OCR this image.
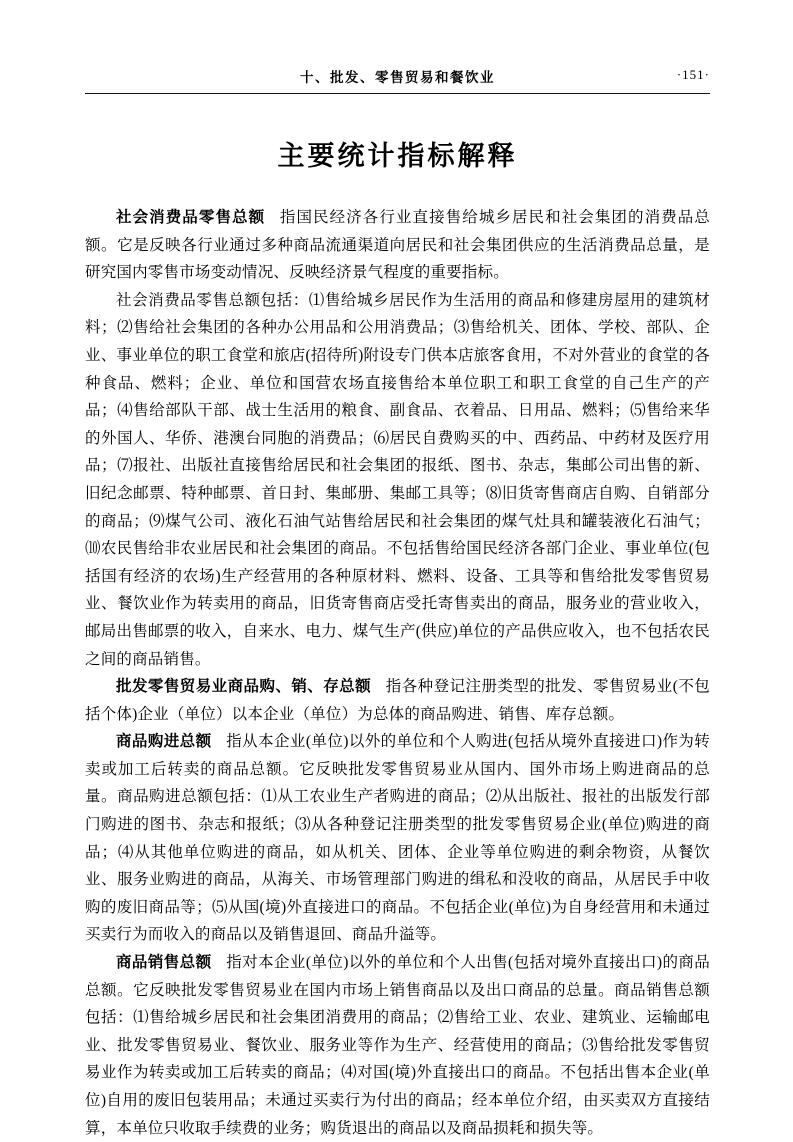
十、批发、零售贸易和餐饮业	·151·
主要统计指标解释

社会消费品零售总额 指国民经济各行业直接售给城乡居民和社会集团的消费品总额。它是反映各行业通过多种商品流通渠道向居民和社会集团供应的生活消费品总量，是研究国内零售市场变动情况、反映经济景气程度的重要指标。

社会消费品零售总额包括：⑴售给城乡居民作为生活用的商品和修建房屋用的建筑材料；⑵售给社会集团的各种办公用品和公用消费品；⑶售给机关、团体、学校、部队、企业、事业单位的职工食堂和旅店(招待所)附设专门供本店旅客食用，不对外营业的食堂的各种食品、燃料；企业、单位和国营农场直接售给本单位职工和职工食堂的自己生产的产品；⑷售给部队干部、战士生活用的粮食、副食品、衣着品、日用品、燃料；⑸售给来华的外国人、华侨、港澳台同胞的消费品；⑹居民自费购买的中、西药品、中药材及医疗用品；⑺报社、出版社直接售给居民和社会集团的报纸、图书、杂志，集邮公司出售的新、旧纪念邮票、特种邮票、首日封、集邮册、集邮工具等；⑻旧货寄售商店自购、自销部分的商品；⑼煤气公司、液化石油气站售给居民和社会集团的煤气灶具和罐装液化石油气；⑽农民售给非农业居民和社会集团的商品。不包括售给国民经济各部门企业、事业单位(包括国有经济的农场)生产经营用的各种原材料、燃料、设备、工具等和售给批发零售贸易业、餐饮业作为转卖用的商品，旧货寄售商店受托寄售卖出的商品，服务业的营业收入，邮局出售邮票的收入，自来水、电力、煤气生产(供应)单位的产品供应收入，也不包括农民之间的商品销售。

批发零售贸易业商品购、销、存总额 指各种登记注册类型的批发、零售贸易业(不包括个体)企业（单位）以本企业（单位）为总体的商品购进、销售、库存总额。

商品购进总额 指从本企业(单位)以外的单位和个人购进(包括从境外直接进口)作为转卖或加工后转卖的商品总额。它反映批发零售贸易业从国内、国外市场上购进商品的总量。商品购进总额包括：⑴从工农业生产者购进的商品；⑵从出版社、报社的出版发行部门购进的图书、杂志和报纸；⑶从各种登记注册类型的批发零售贸易企业(单位)购进的商品；⑷从其他单位购进的商品，如从机关、团体、企业等单位购进的剩余物资，从餐饮业、服务业购进的商品，从海关、市场管理部门购进的缉私和没收的商品，从居民手中收购的废旧商品等；⑸从国(境)外直接进口的商品。不包括企业(单位)为自身经营用和未通过买卖行为而收入的商品以及销售退回、商品升溢等。

商品销售总额 指对本企业(单位)以外的单位和个人出售(包括对境外直接出口)的商品总额。它反映批发零售贸易业在国内市场上销售商品以及出口商品的总量。商品销售总额包括：⑴售给城乡居民和社会集团消费用的商品；⑵售给工业、农业、建筑业、运输邮电业、批发零售贸易业、餐饮业、服务业等作为生产、经营使用的商品；⑶售给批发零售贸易业作为转卖或加工后转卖的商品；⑷对国(境)外直接出口的商品。不包括出售本企业(单位)自用的废旧包装用品；未通过买卖行为付出的商品；经本单位介绍，由买卖双方直接结算，本单位只收取手续费的业务；购货退出的商品以及商品损耗和损失等。
